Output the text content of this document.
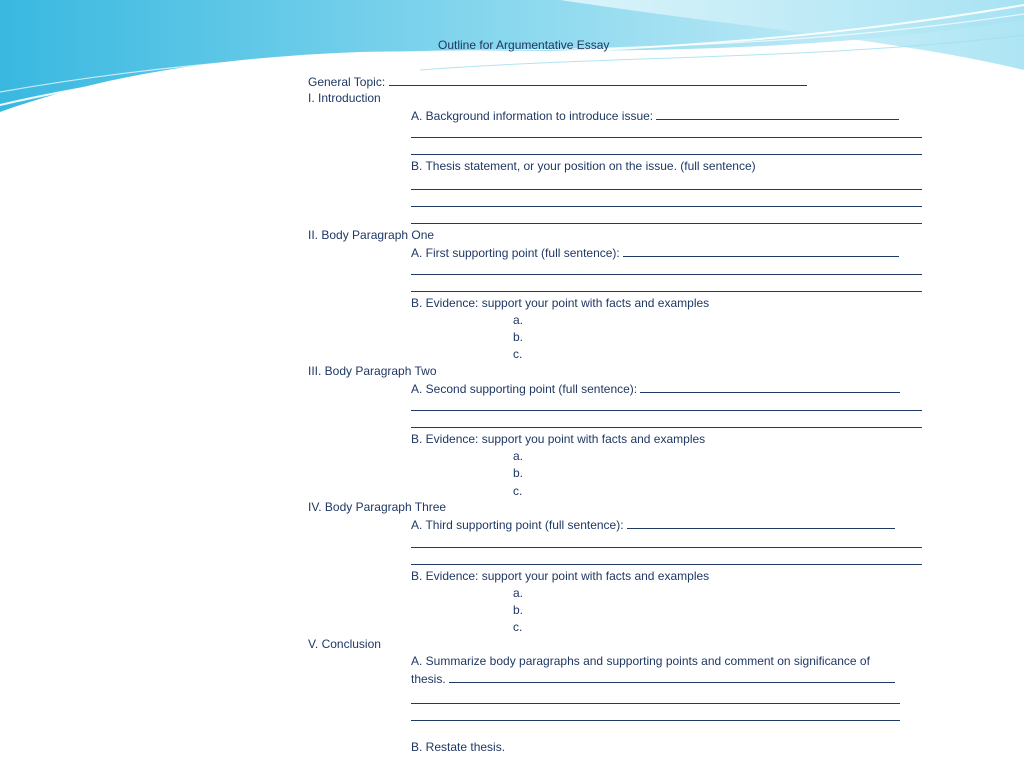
Outline for Argumentative Essay
General Topic:
I. Introduction
A. Background information to introduce issue:
B. Thesis statement, or your position on the issue. (full sentence)
II. Body Paragraph One
A. First supporting point (full sentence):
B. Evidence: support your point with facts and examples
a.
b.
c.
III. Body Paragraph Two
A. Second supporting point (full sentence):
B. Evidence: support you point with facts and examples
a.
b.
c.
IV. Body Paragraph Three
A. Third supporting point (full sentence):
B. Evidence: support your point with facts and examples
a.
b.
c.
V. Conclusion
A. Summarize body paragraphs and supporting points and comment on significance of
thesis.
B. Restate thesis.
